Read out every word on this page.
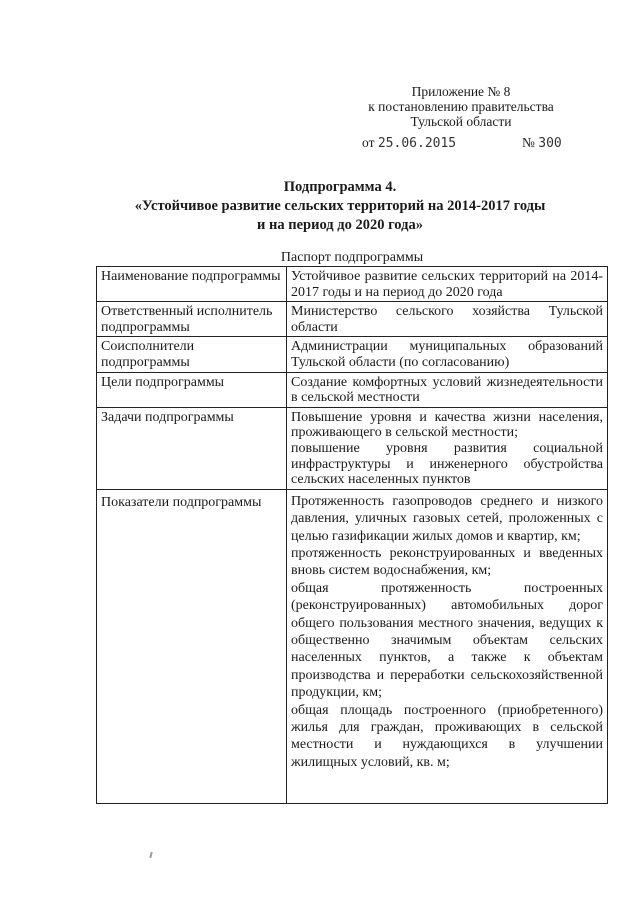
Приложение № 8
к постановлению правительства
Тульской области
от 25.06.2015	№ 300
Подпрограмма 4.
«Устойчивое развитие сельских территорий на 2014-2017 годы
и на период до 2020 года»
Паспорт подпрограммы
Наименование подпрограммы	Устойчивое развитие сельских территорий на 2014-2017 годы и на период до 2020 года
Ответственный исполнитель подпрограммы	Министерство сельского хозяйства Тульской области
Соисполнители подпрограммы	Администрации муниципальных образований Тульской области (по согласованию)
Цели подпрограммы	Создание комфортных условий жизнедеятельности в сельской местности
Задачи подпрограммы	Повышение уровня и качества жизни населения, проживающего в сельской местности;
повышение уровня развития социальной инфраструктуры и инженерного обустройства сельских населенных пунктов

Показатели подпрограммы	Протяженность газопроводов среднего и низкого давления, уличных газовых сетей, проложенных с целью газификации жилых домов и квартир, км;
протяженность реконструированных и введенных вновь систем водоснабжения, км;
общая протяженность построенных (реконструированных) автомобильных дорог общего пользования местного значения, ведущих к общественно значимым объектам сельских населенных пунктов, а также к объектам производства и переработки сельскохозяйственной продукции, км;
общая площадь построенного (приобретенного) жилья для граждан, проживающих в сельской местности и нуждающихся в улучшении жилищных условий, кв. м;
